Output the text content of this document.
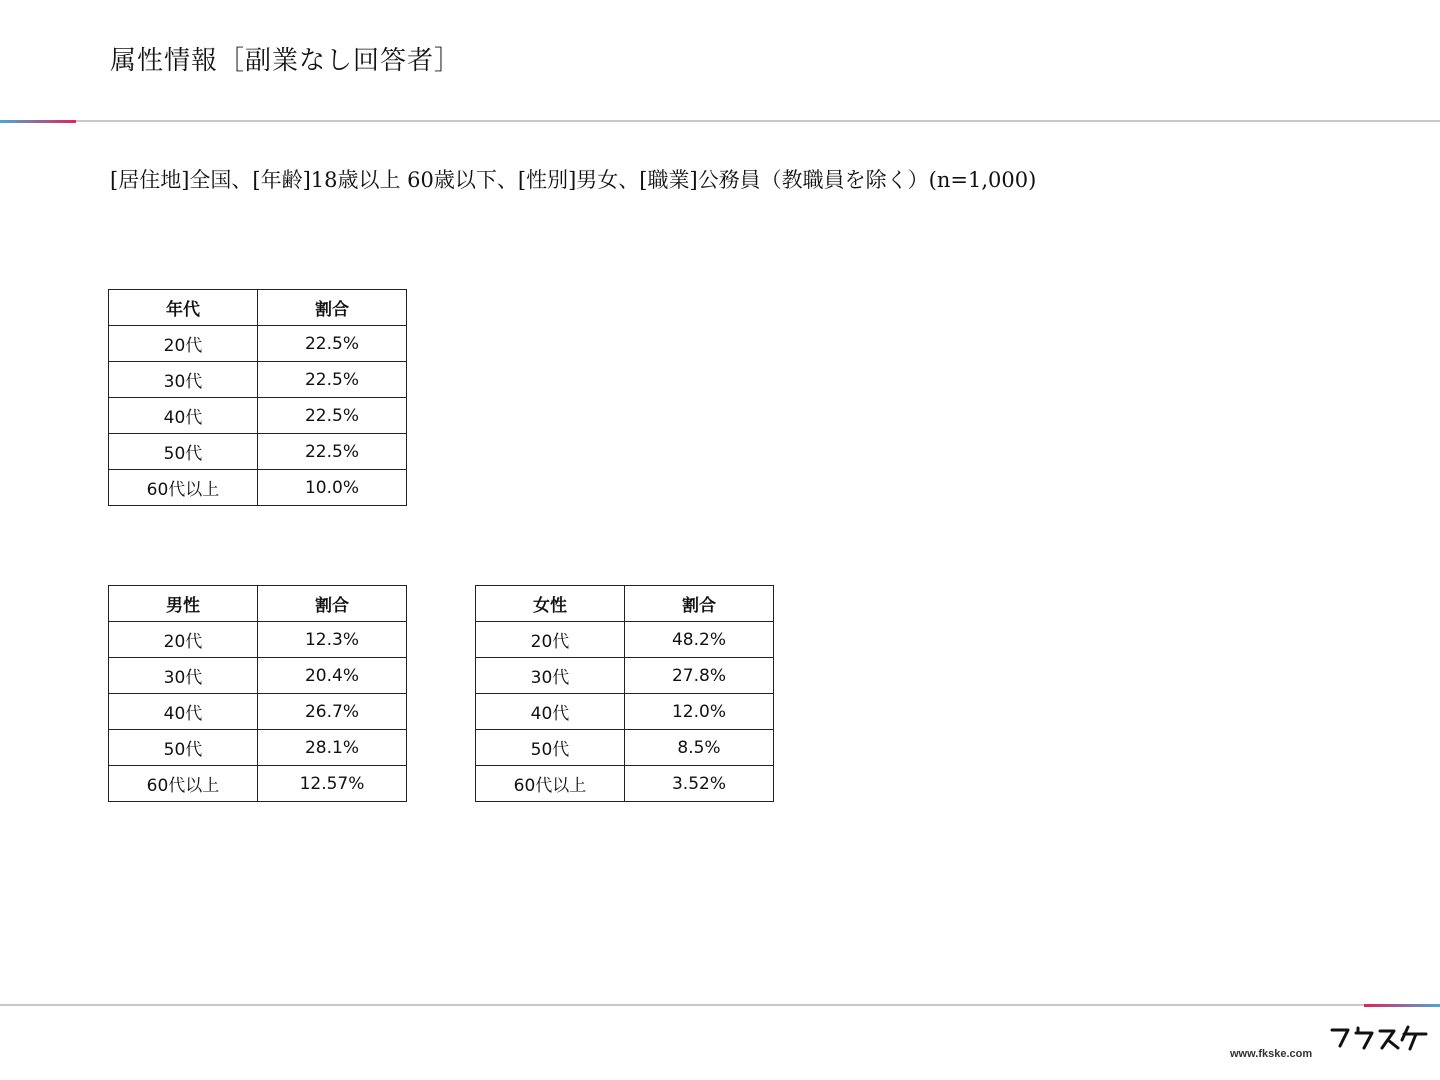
属性情報［副業なし回答者］
[居住地]全国、[年齢]18歳以上 60歳以下、[性別]男女、[職業]公務員（教職員を除く）(n=1,000)
年代	割合
20代	22.5%
30代	22.5%
40代	22.5%
50代	22.5%
60代以上	10.0%
男性	割合
20代	12.3%
30代	20.4%
40代	26.7%
50代	28.1%
60代以上	12.57%
女性	割合
20代	48.2%
30代	27.8%
40代	12.0%
50代	8.5%
60代以上	3.52%
www.fkske.com
